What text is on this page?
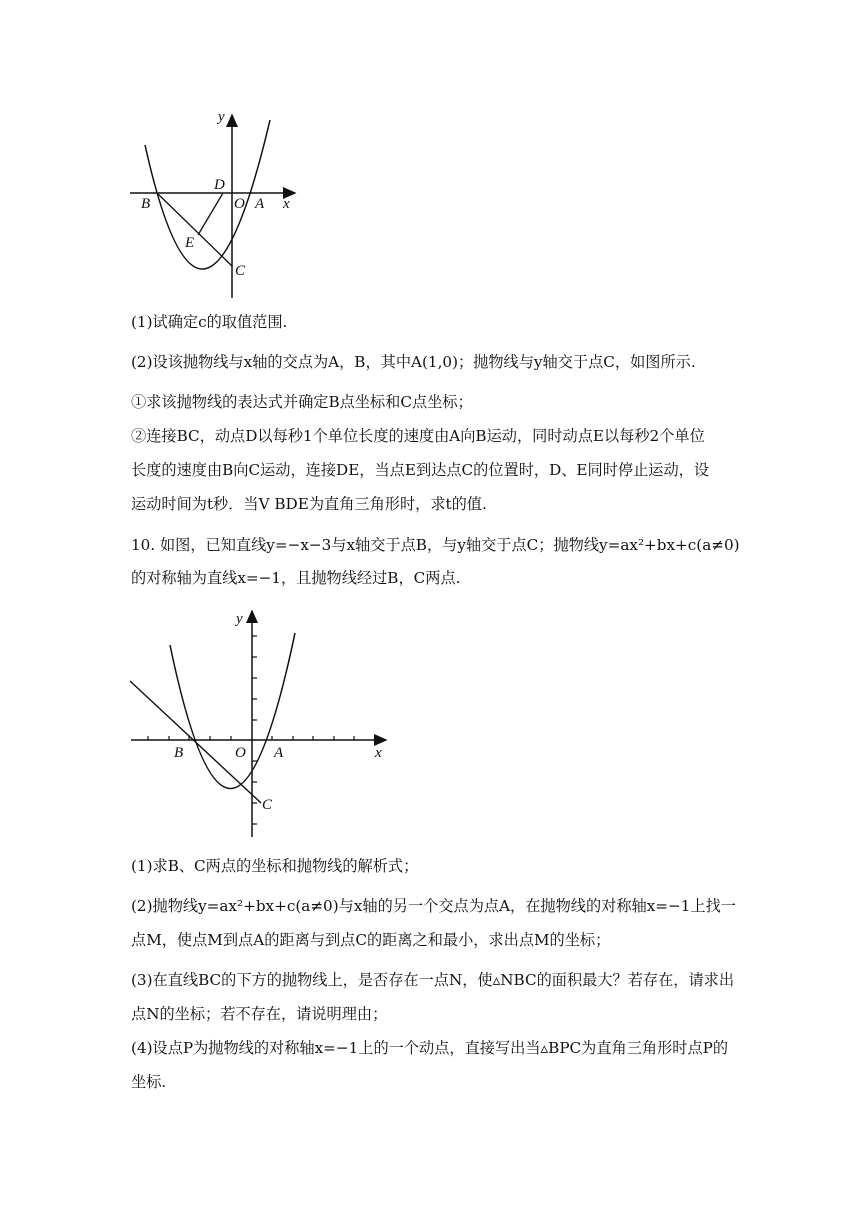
y
x
B
D
O A
E
C
(1)试确定c的取值范围.
(2)设该抛物线与x轴的交点为A，B，其中A(1,0)；抛物线与y轴交于点C，如图所示.
①求该抛物线的表达式并确定B点坐标和C点坐标；
②连接BC，动点D以每秒1个单位长度的速度由A向B运动，同时动点E以每秒2个单位
长度的速度由B向C运动，连接DE，当点E到达点C的位置时，D、E同时停止运动，设
运动时间为t秒．当V BDE为直角三角形时，求t的值.
10. 如图，已知直线y=−x−3与x轴交于点B，与y轴交于点C；抛物线y=ax²+bx+c(a≠0)
的对称轴为直线x=−1，且抛物线经过B，C两点.
y
x
B	O A
C
(1)求B、C两点的坐标和抛物线的解析式；
(2)抛物线y=ax²+bx+c(a≠0)与x轴的另一个交点为点A，在抛物线的对称轴x=−1上找一
点M，使点M到点A的距离与到点C的距离之和最小，求出点M的坐标；
(3)在直线BC的下方的抛物线上，是否存在一点N，使▵NBC的面积最大？若存在，请求出
点N的坐标；若不存在，请说明理由；
(4)设点P为抛物线的对称轴x=−1上的一个动点，直接写出当▵BPC为直角三角形时点P的
坐标.
